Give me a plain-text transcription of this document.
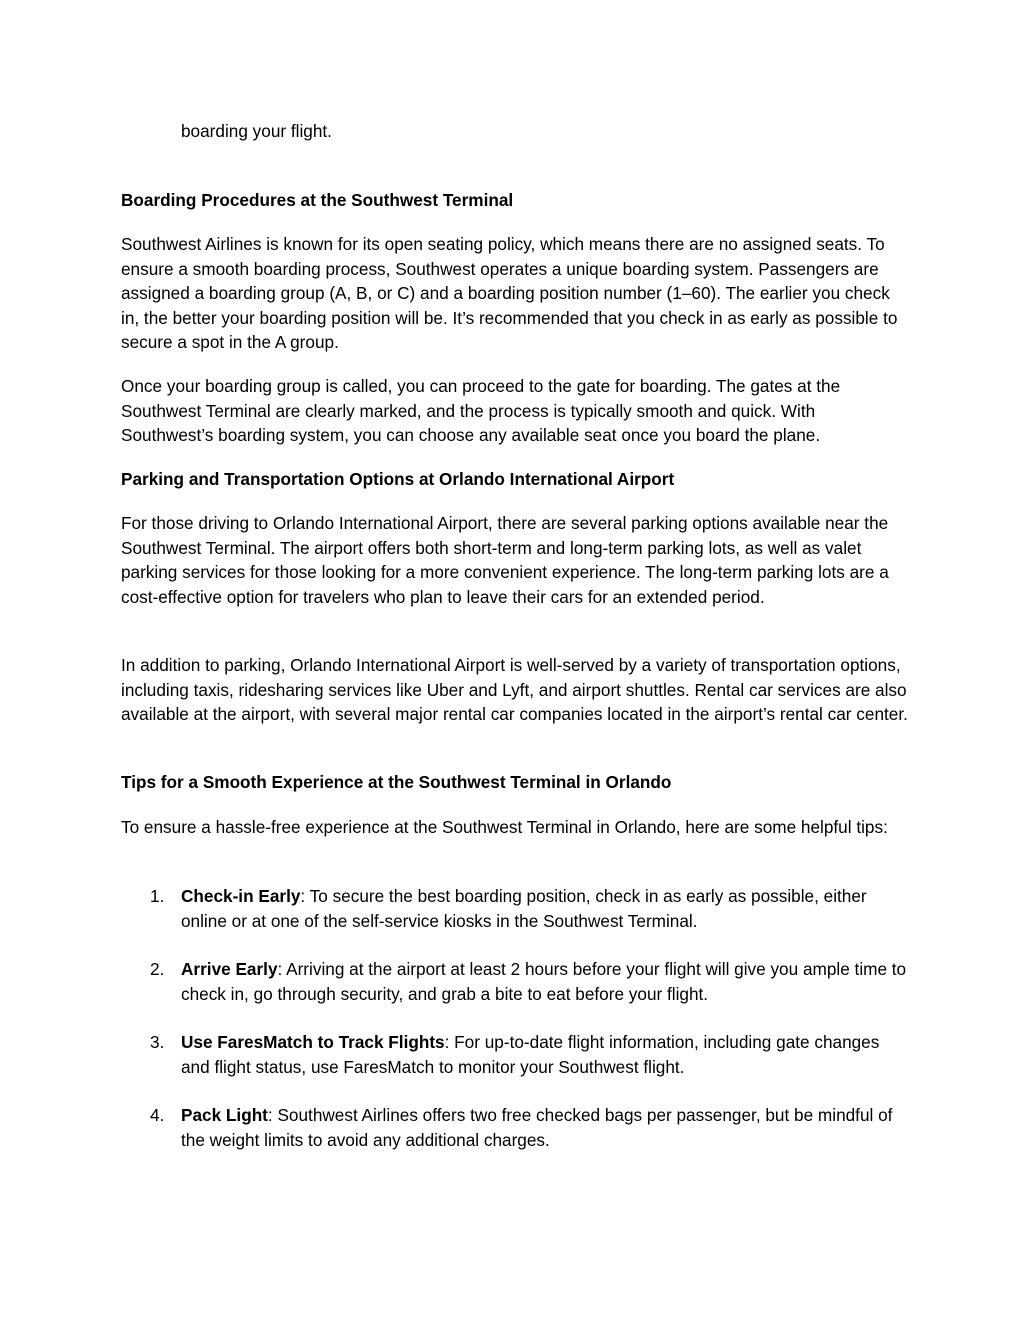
boarding your flight.

Boarding Procedures at the Southwest Terminal

Southwest Airlines is known for its open seating policy, which means there are no assigned seats. To ensure a smooth boarding process, Southwest operates a unique boarding system. Passengers are assigned a boarding group (A, B, or C) and a boarding position number (1–60). The earlier you check in, the better your boarding position will be. It’s recommended that you check in as early as possible to secure a spot in the A group.

Once your boarding group is called, you can proceed to the gate for boarding. The gates at the Southwest Terminal are clearly marked, and the process is typically smooth and quick. With Southwest’s boarding system, you can choose any available seat once you board the plane.

Parking and Transportation Options at Orlando International Airport

For those driving to Orlando International Airport, there are several parking options available near the Southwest Terminal. The airport offers both short-term and long-term parking lots, as well as valet parking services for those looking for a more convenient experience. The long-term parking lots are a cost-effective option for travelers who plan to leave their cars for an extended period.

In addition to parking, Orlando International Airport is well-served by a variety of transportation options, including taxis, ridesharing services like Uber and Lyft, and airport shuttles. Rental car services are also available at the airport, with several major rental car companies located in the airport’s rental car center.

Tips for a Smooth Experience at the Southwest Terminal in Orlando

To ensure a hassle-free experience at the Southwest Terminal in Orlando, here are some helpful tips:

1. Check-in Early: To secure the best boarding position, check in as early as possible, either online or at one of the self-service kiosks in the Southwest Terminal.
2. Arrive Early: Arriving at the airport at least 2 hours before your flight will give you ample time to check in, go through security, and grab a bite to eat before your flight.
3. Use FaresMatch to Track Flights: For up-to-date flight information, including gate changes and flight status, use FaresMatch to monitor your Southwest flight.
4. Pack Light: Southwest Airlines offers two free checked bags per passenger, but be mindful of the weight limits to avoid any additional charges.
